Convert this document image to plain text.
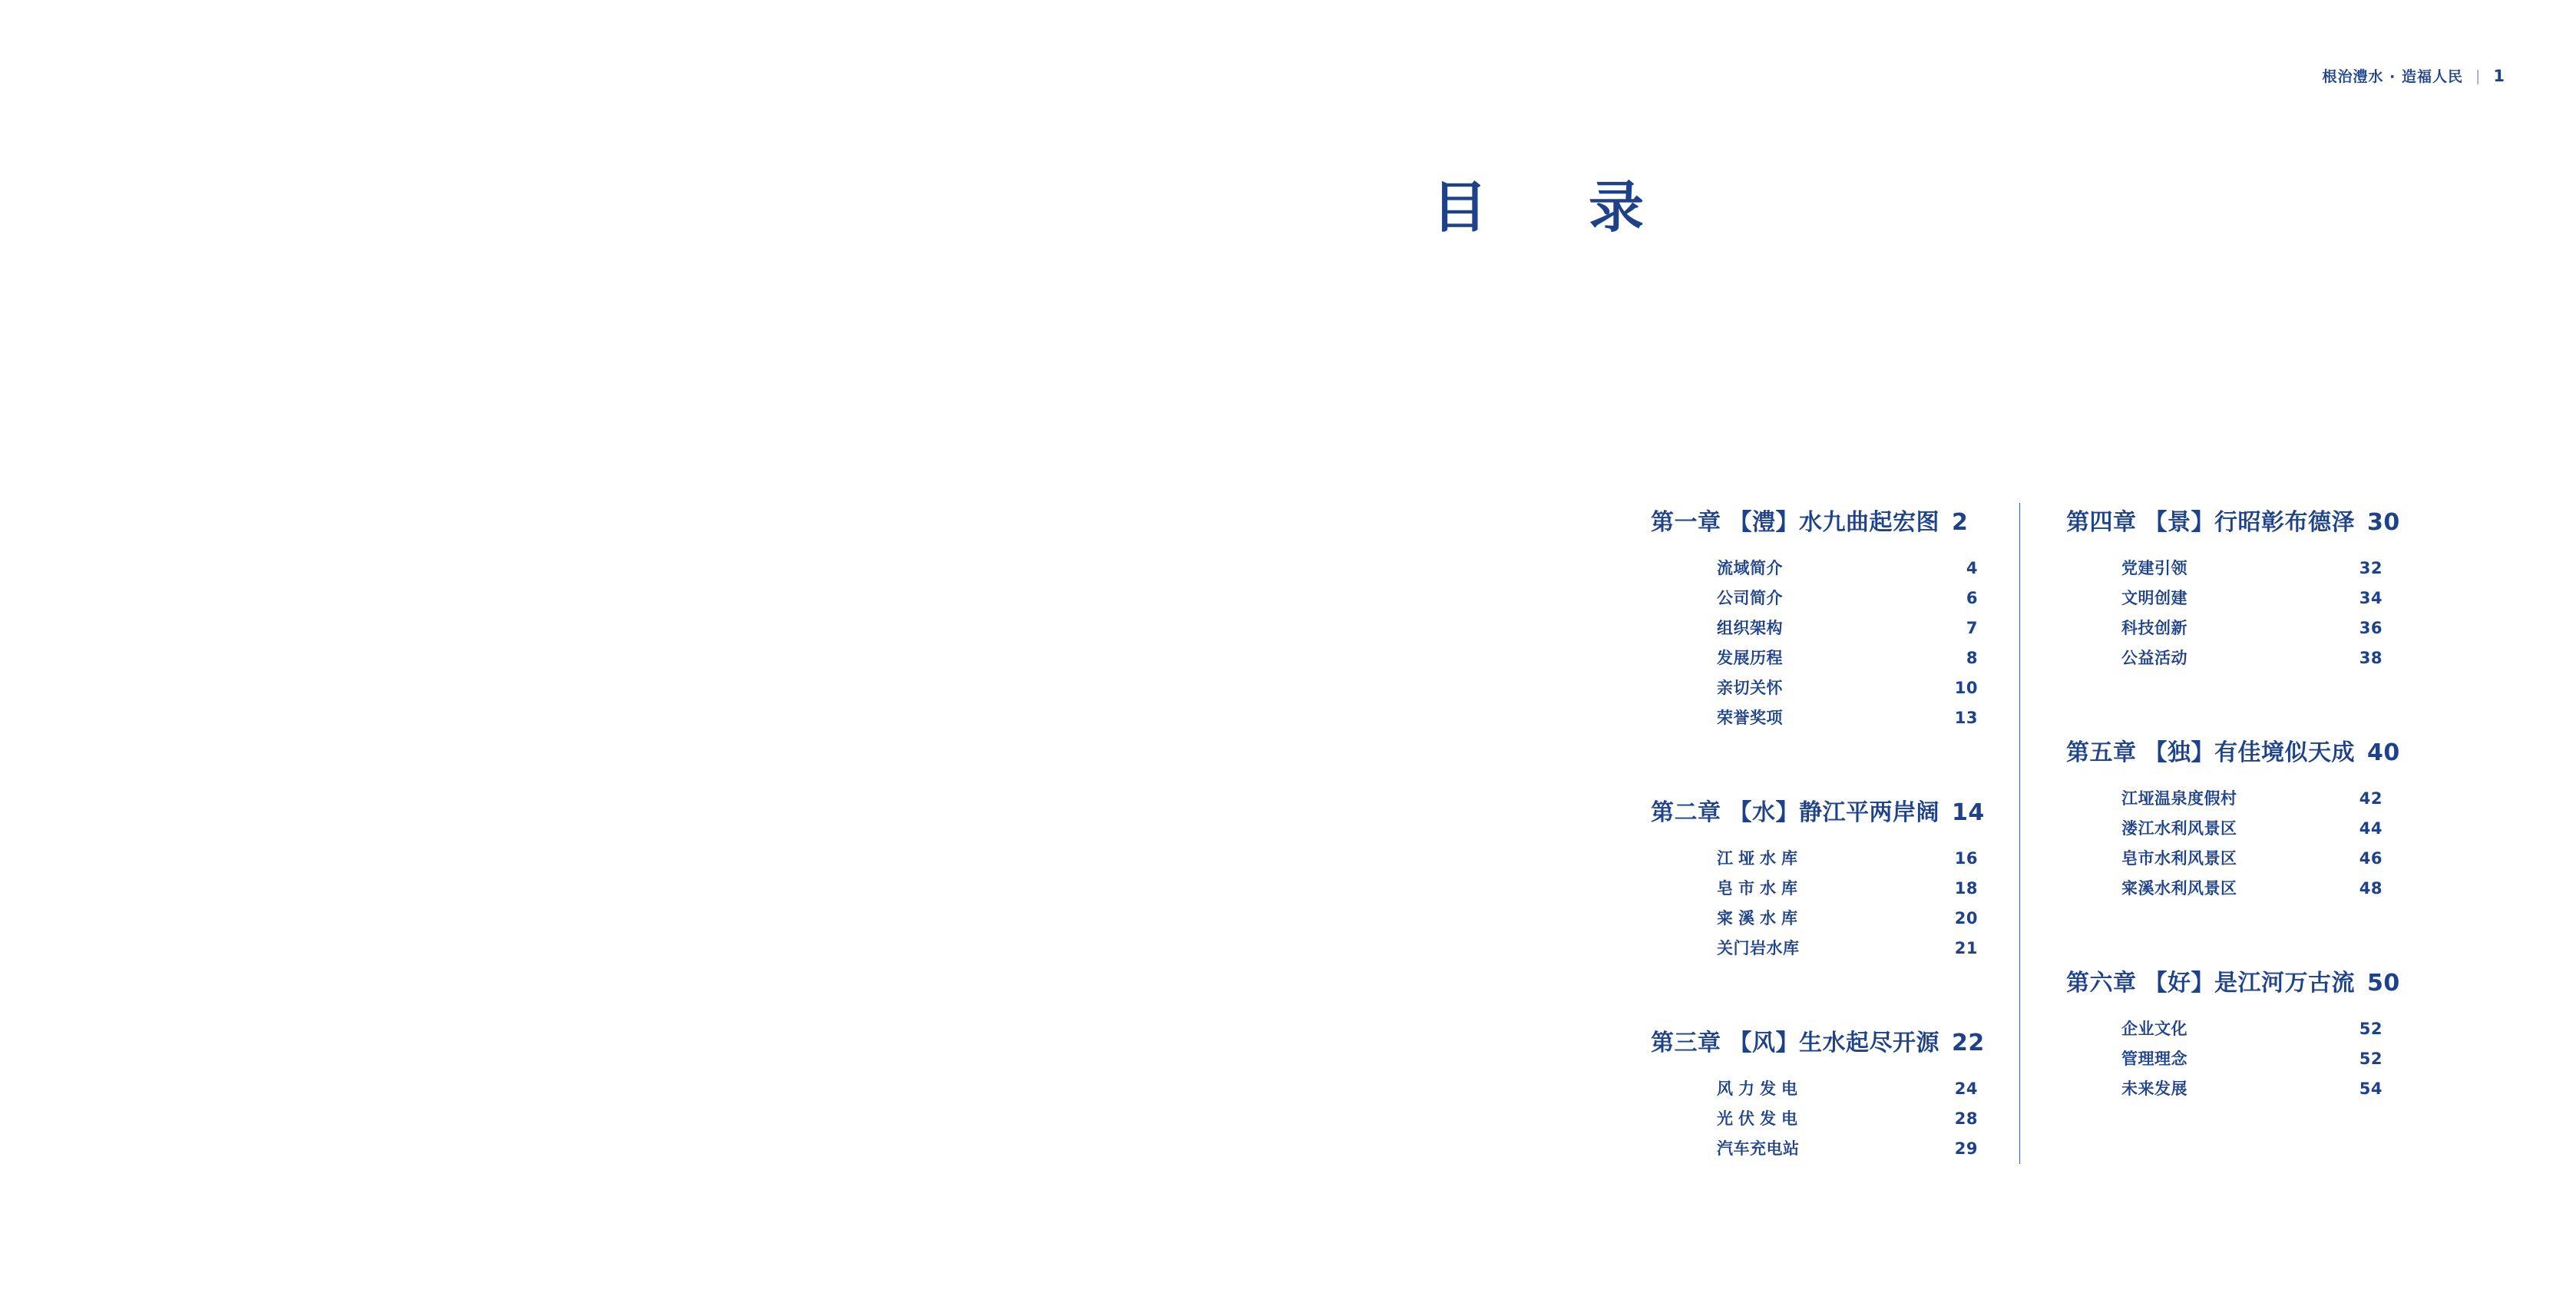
根治澧水 · 造福人民 | 1
目　录
第一章 【澧】水九曲起宏图 2
流域简介	4
公司简介	6
组织架构	7
发展历程	8
亲切关怀	10
荣誉奖项	13
第二章 【水】静江平两岸阔 14
江垭水库	16
皂市水库	18
宷溪水库	20
关门岩水库	21
第三章 【风】生水起尽开源 22
风力发电	24
光伏发电	28
汽车充电站	29
第四章 【景】行昭彰布德泽 30
党建引领	32
文明创建	34
科技创新	36
公益活动	38
第五章 【独】有佳境似天成 40
江垭温泉度假村	42
溇江水利风景区	44
皂市水利风景区	46
宷溪水利风景区	48
第六章 【好】是江河万古流 50
企业文化	52
管理理念	52
未来发展	54
